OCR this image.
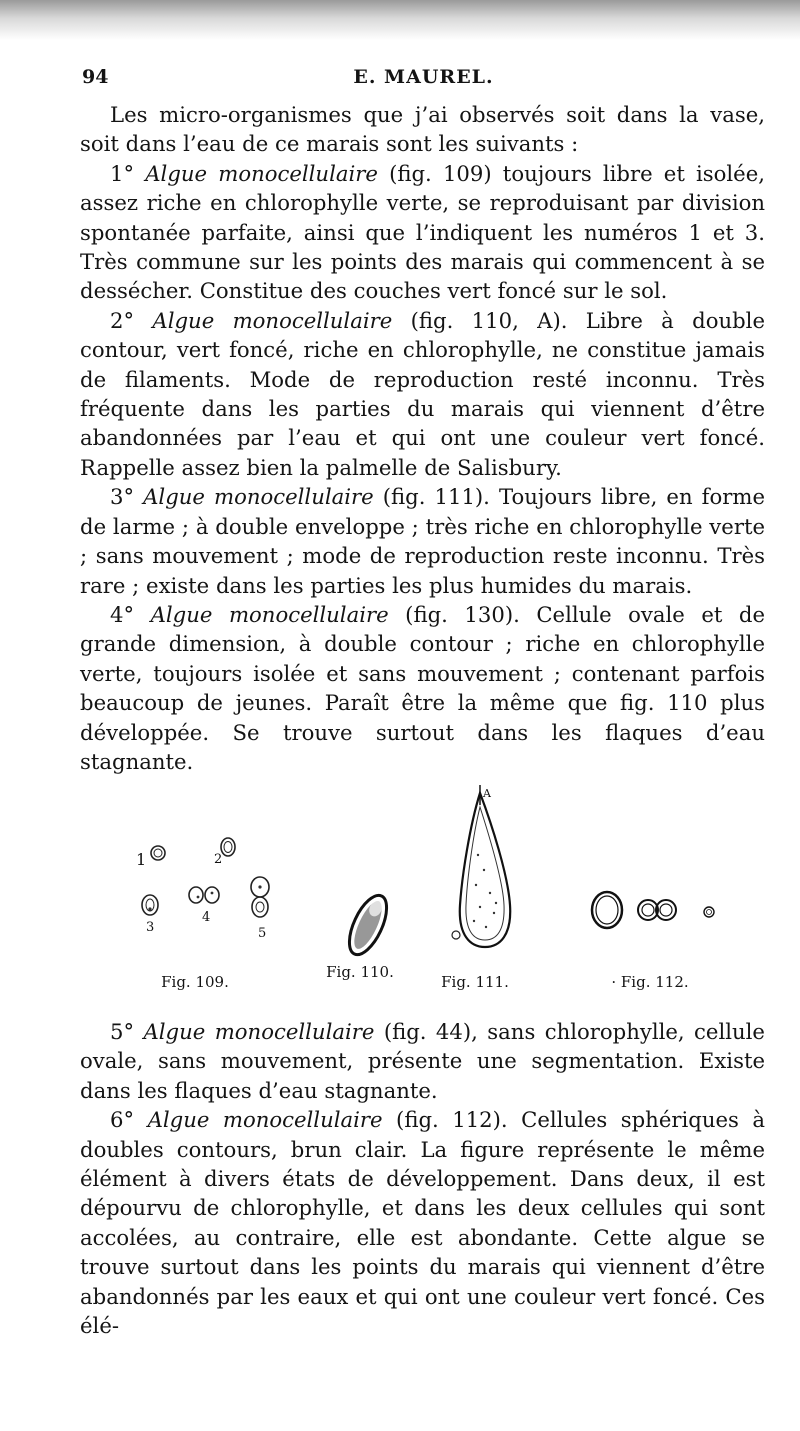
94	E. MAUREL.

Les micro-organismes que j’ai observés soit dans la vase, soit dans l’eau de ce marais sont les suivants :

1° Algue monocellulaire (fig. 109) toujours libre et isolée, assez riche en chlorophylle verte, se reproduisant par division spontanée parfaite, ainsi que l’indiquent les numéros 1 et 3. Très commune sur les points des marais qui commencent à se dessécher. Constitue des couches vert foncé sur le sol.

2° Algue monocellulaire (fig. 110, A). Libre à double contour, vert foncé, riche en chlorophylle, ne constitue jamais de filaments. Mode de reproduction resté inconnu. Très fréquente dans les parties du marais qui viennent d’être abandonnées par l’eau et qui ont une couleur vert foncé. Rappelle assez bien la palmelle de Salisbury.

3° Algue monocellulaire (fig. 111). Toujours libre, en forme de larme ; à double enveloppe ; très riche en chlorophylle verte ; sans mouvement ; mode de reproduction reste inconnu. Très rare ; existe dans les parties les plus humides du marais.

4° Algue monocellulaire (fig. 130). Cellule ovale et de grande dimension, à double contour ; riche en chlorophylle verte, toujours isolée et sans mouvement ; contenant parfois beaucoup de jeunes. Paraît être la même que fig. 110 plus développée. Se trouve surtout dans les flaques d’eau stagnante.

1	2
3
4
5
Fig. 109.
Fig. 110.
A
Fig. 111.	· Fig. 112.

5° Algue monocellulaire (fig. 44), sans chlorophylle, cellule ovale, sans mouvement, présente une segmentation. Existe dans les flaques d’eau stagnante.

6° Algue monocellulaire (fig. 112). Cellules sphériques à doubles contours, brun clair. La figure représente le même élément à divers états de développement. Dans deux, il est dépourvu de chlorophylle, et dans les deux cellules qui sont accolées, au contraire, elle est abondante. Cette algue se trouve surtout dans les points du marais qui viennent d’être abandonnés par les eaux et qui ont une couleur vert foncé. Ces élé-
